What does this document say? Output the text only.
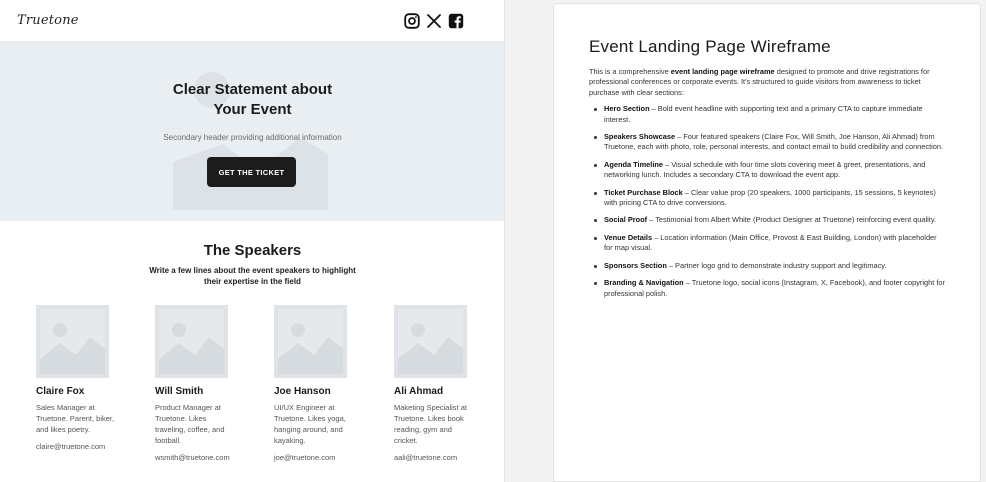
Truetone
Clear Statement about
Your Event
Secondary header providing additional information
GET THE TICKET
The Speakers
Write a few lines about the event speakers to highlight their expertise in the field
Claire Fox
Sales Manager at Truetone. Parent, biker, and likes poetry.
claire@truetone.com
Will Smith
Product Manager at Truetone. Likes traveling, coffee, and football.
wsmith@truetone.com
Joe Hanson
UI/UX Engineer at Truetone. Likes yoga, hanging around, and kayaking.
joe@truetone.com
Ali Ahmad
Maketing Specialist at Truetone. Likes book reading, gym and cricket.
aali@truetone.com
Event Landing Page Wireframe

This is a comprehensive event landing page wireframe designed to promote and drive registrations for professional conferences or corporate events. It's structured to guide visitors from awareness to ticket purchase with clear sections:

Hero Section – Bold event headline with supporting text and a primary CTA to capture immediate interest.
Speakers Showcase – Four featured speakers (Claire Fox, Will Smith, Joe Hanson, Ali Ahmad) from Truetone, each with photo, role, personal interests, and contact email to build credibility and connection.
Agenda Timeline – Visual schedule with four time slots covering meet & greet, presentations, and networking lunch. Includes a secondary CTA to download the event app.
Ticket Purchase Block – Clear value prop (20 speakers, 1000 participants, 15 sessions, 5 keynotes) with pricing CTA to drive conversions.
Social Proof – Testimonial from Albert White (Product Designer at Truetone) reinforcing event quality.
Venue Details – Location information (Main Office, Provost & East Building, London) with placeholder for map visual.
Sponsors Section – Partner logo grid to demonstrate industry support and legitimacy.
Branding & Navigation – Truetone logo, social icons (Instagram, X, Facebook), and footer copyright for professional polish.
